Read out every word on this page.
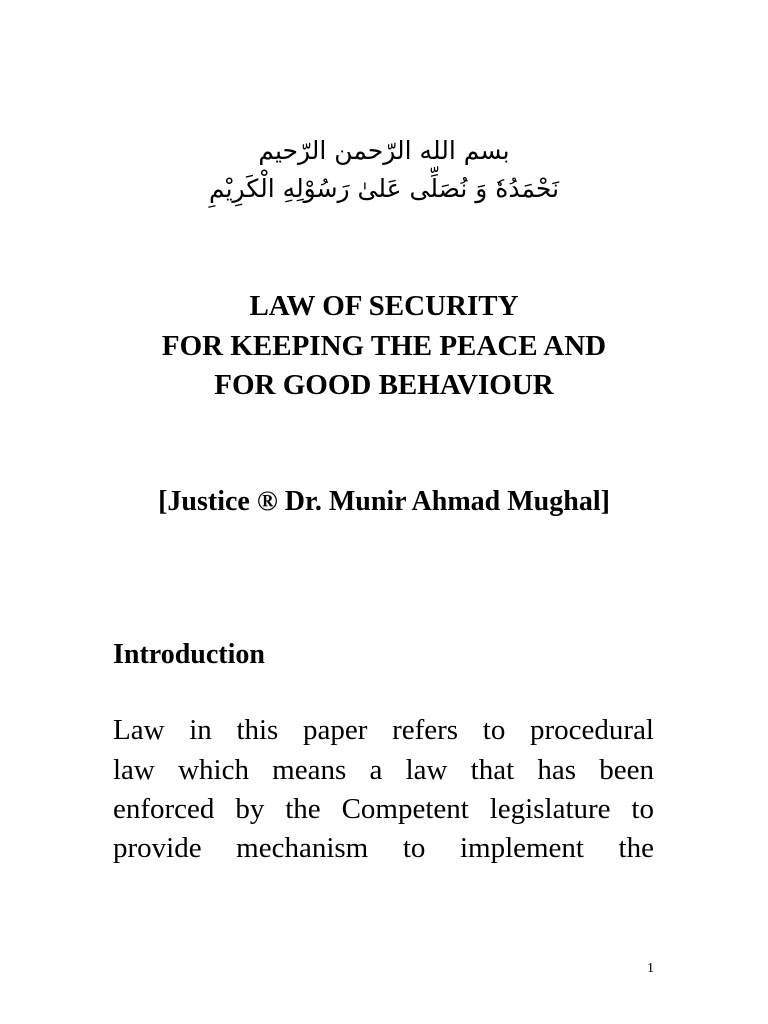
بسم الله الرّحمن الرّحيم
نَحْمَدُهٗ وَ نُصَلِّى عَلىٰ رَسُوْلِهِ الْكَرِيْمِ
LAW OF SECURITY
FOR KEEPING THE PEACE AND
FOR GOOD BEHAVIOUR
[Justice ® Dr. Munir Ahmad Mughal]
Introduction
Law in this paper refers to procedural
law which means a law that has been
enforced by the Competent legislature to
provide mechanism to implement the
1
